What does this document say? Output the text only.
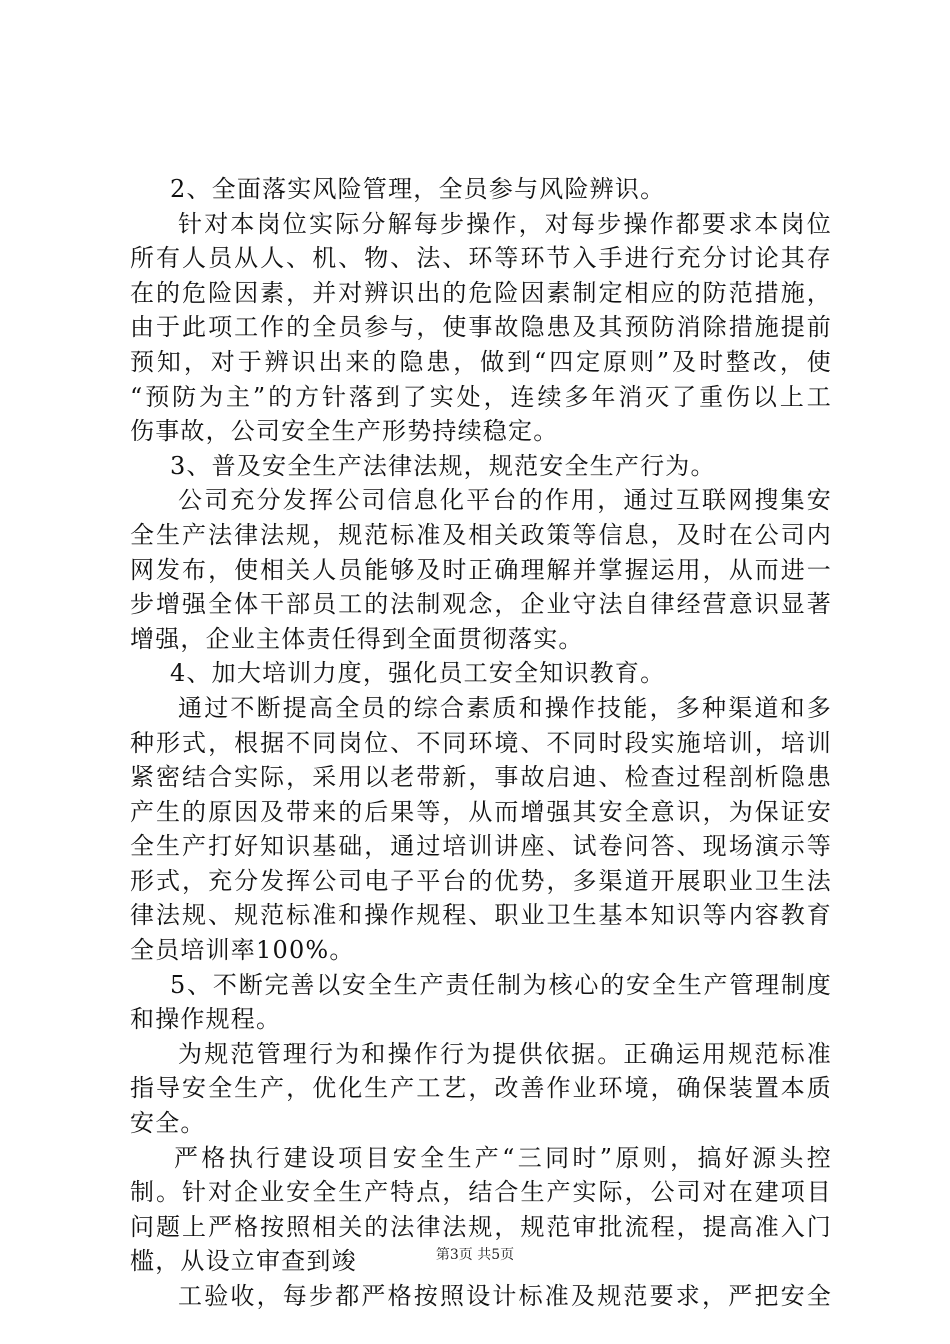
2、全面落实风险管理，全员参与风险辨识。
针对本岗位实际分解每步操作，对每步操作都要求本岗位
所有人员从人、机、物、法、环等环节入手进行充分讨论其存
在的危险因素，并对辨识出的危险因素制定相应的防范措施，
由于此项工作的全员参与，使事故隐患及其预防消除措施提前
预知，对于辨识出来的隐患，做到“四定原则”及时整改，使
“预防为主”的方针落到了实处，连续多年消灭了重伤以上工
伤事故，公司安全生产形势持续稳定。
3、普及安全生产法律法规，规范安全生产行为。
公司充分发挥公司信息化平台的作用，通过互联网搜集安
全生产法律法规，规范标准及相关政策等信息，及时在公司内
网发布，使相关人员能够及时正确理解并掌握运用，从而进一
步增强全体干部员工的法制观念，企业守法自律经营意识显著
增强，企业主体责任得到全面贯彻落实。
4、加大培训力度，强化员工安全知识教育。
通过不断提高全员的综合素质和操作技能，多种渠道和多
种形式，根据不同岗位、不同环境、不同时段实施培训，培训
紧密结合实际，采用以老带新，事故启迪、检查过程剖析隐患
产生的原因及带来的后果等，从而增强其安全意识，为保证安
全生产打好知识基础，通过培训讲座、试卷问答、现场演示等
形式，充分发挥公司电子平台的优势，多渠道开展职业卫生法
律法规、规范标准和操作规程、职业卫生基本知识等内容教育
全员培训率100%。
5、不断完善以安全生产责任制为核心的安全生产管理制度
和操作规程。
为规范管理行为和操作行为提供依据。正确运用规范标准
指导安全生产，优化生产工艺，改善作业环境，确保装置本质
安全。
严格执行建设项目安全生产“三同时”原则，搞好源头控
制。针对企业安全生产特点，结合生产实际，公司对在建项目
问题上严格按照相关的法律法规，规范审批流程，提高准入门
槛，从设立审查到竣
工验收，每步都严格按照设计标准及规范要求，严把安全
第3页 共5页
